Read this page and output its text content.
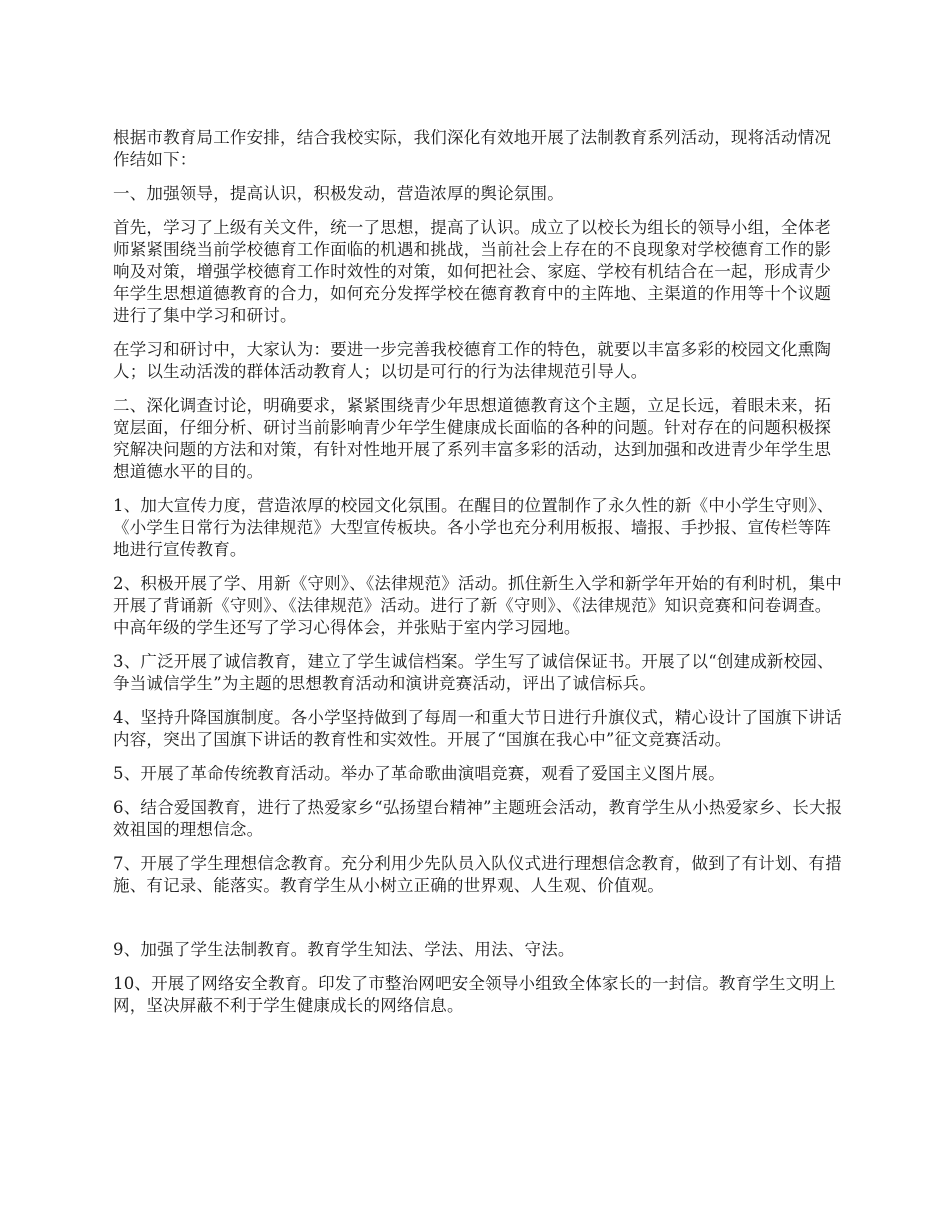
根据市教育局工作安排，结合我校实际，我们深化有效地开展了法制教育系列活动，现将活动情况作结如下：

一、加强领导，提高认识，积极发动，营造浓厚的舆论氛围。

首先，学习了上级有关文件，统一了思想，提高了认识。成立了以校长为组长的领导小组，全体老师紧紧围绕当前学校德育工作面临的机遇和挑战，当前社会上存在的不良现象对学校德育工作的影响及对策，增强学校德育工作时效性的对策，如何把社会、家庭、学校有机结合在一起，形成青少年学生思想道德教育的合力，如何充分发挥学校在德育教育中的主阵地、主渠道的作用等十个议题进行了集中学习和研讨。

在学习和研讨中，大家认为：要进一步完善我校德育工作的特色，就要以丰富多彩的校园文化熏陶人；以生动活泼的群体活动教育人；以切是可行的行为法律规范引导人。

二、深化调查讨论，明确要求，紧紧围绕青少年思想道德教育这个主题，立足长远，着眼未来，拓宽层面，仔细分析、研讨当前影响青少年学生健康成长面临的各种的问题。针对存在的问题积极探究解决问题的方法和对策，有针对性地开展了系列丰富多彩的活动，达到加强和改进青少年学生思想道德水平的目的。

1、加大宣传力度，营造浓厚的校园文化氛围。在醒目的位置制作了永久性的新《中小学生守则》、《小学生日常行为法律规范》大型宣传板块。各小学也充分利用板报、墙报、手抄报、宣传栏等阵地进行宣传教育。

2、积极开展了学、用新《守则》、《法律规范》活动。抓住新生入学和新学年开始的有利时机，集中开展了背诵新《守则》、《法律规范》活动。进行了新《守则》、《法律规范》知识竞赛和问卷调查。中高年级的学生还写了学习心得体会，并张贴于室内学习园地。

3、广泛开展了诚信教育，建立了学生诚信档案。学生写了诚信保证书。开展了以“创建成新校园、争当诚信学生”为主题的思想教育活动和演讲竞赛活动，评出了诚信标兵。

4、坚持升降国旗制度。各小学坚持做到了每周一和重大节日进行升旗仪式，精心设计了国旗下讲话内容，突出了国旗下讲话的教育性和实效性。开展了“国旗在我心中”征文竞赛活动。

5、开展了革命传统教育活动。举办了革命歌曲演唱竞赛，观看了爱国主义图片展。

6、结合爱国教育，进行了热爱家乡“弘扬望台精神”主题班会活动，教育学生从小热爱家乡、长大报效祖国的理想信念。

7、开展了学生理想信念教育。充分利用少先队员入队仪式进行理想信念教育，做到了有计划、有措施、有记录、能落实。教育学生从小树立正确的世界观、人生观、价值观。

9、加强了学生法制教育。教育学生知法、学法、用法、守法。

10、开展了网络安全教育。印发了市整治网吧安全领导小组致全体家长的一封信。教育学生文明上网，坚决屏蔽不利于学生健康成长的网络信息。
